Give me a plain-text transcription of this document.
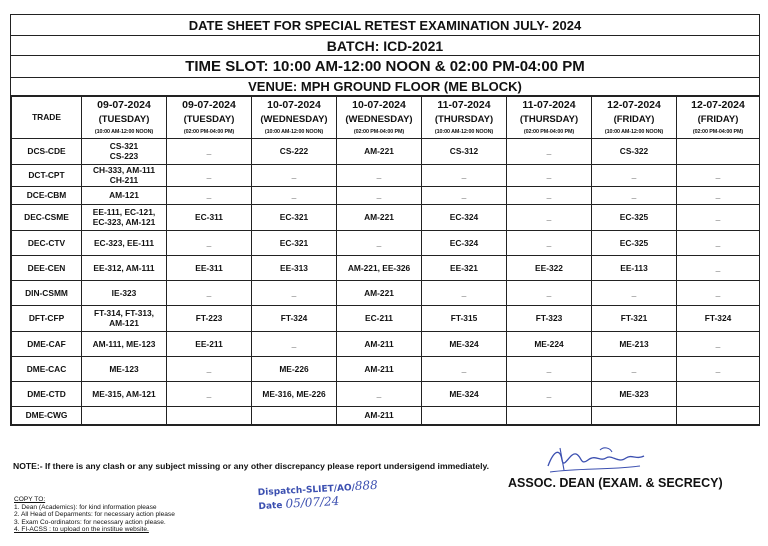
DATE SHEET FOR SPECIAL RETEST EXAMINATION JULY- 2024
BATCH: ICD-2021
TIME SLOT: 10:00 AM-12:00 NOON & 02:00 PM-04:00 PM
VENUE: MPH GROUND FLOOR (ME BLOCK)
TRADE	09-07-2024
(TUESDAY)
(10:00 AM-12:00 NOON)	09-07-2024
(TUESDAY)
(02:00 PM-04:00 PM)	10-07-2024
(WEDNESDAY)
(10:00 AM-12:00 NOON)	10-07-2024
(WEDNESDAY)
(02:00 PM-04:00 PM)	11-07-2024
(THURSDAY)
(10:00 AM-12:00 NOON)	11-07-2024
(THURSDAY)
(02:00 PM-04:00 PM)	12-07-2024
(FRIDAY)
(10:00 AM-12:00 NOON)	12-07-2024
(FRIDAY)
(02:00 PM-04:00 PM)

DCS-CDE	CS-321
CS-223	_	CS-222	AM-221	CS-312	_	CS-322	
DCT-CPT	CH-333, AM-111
CH-211	_	_	_	_	_	_	_
DCE-CBM	AM-121	_	_	_	_	_	_	_
DEC-CSME	EE-111, EC-121,
EC-323, AM-121	EC-311	EC-321	AM-221	EC-324	_	EC-325	_
DEC-CTV	EC-323, EE-111	_	EC-321	_	EC-324	_	EC-325	_
DEE-CEN	EE-312, AM-111	EE-311	EE-313	AM-221, EE-326	EE-321	EE-322	EE-113	_
DIN-CSMM	IE-323	_	_	AM-221	_	_	_	_
DFT-CFP	FT-314, FT-313,
AM-121	FT-223	FT-324	EC-211	FT-315	FT-323	FT-321	FT-324
DME-CAF	AM-111, ME-123	EE-211	_	AM-211	ME-324	ME-224	ME-213	_
DME-CAC	ME-123	_	ME-226	AM-211	_	_	_	_
DME-CTD	ME-315, AM-121	_	ME-316, ME-226	_	ME-324	_	ME-323	
DME-CWG				AM-211				
NOTE:- If there is any clash or any subject missing or any other discrepancy please report undersigend immediately.
ASSOC. DEAN (EXAM. & SECRECY)
Dispatch-SLIET/AO/888
Date 05/07/24
COPY TO:
1. Dean (Academics): for kind information please
2. All Head of Deparments: for necessary action please
3. Exam Co-ordinators: for necessary action please.
4. FI-ACSS : to upload on the institue website.
